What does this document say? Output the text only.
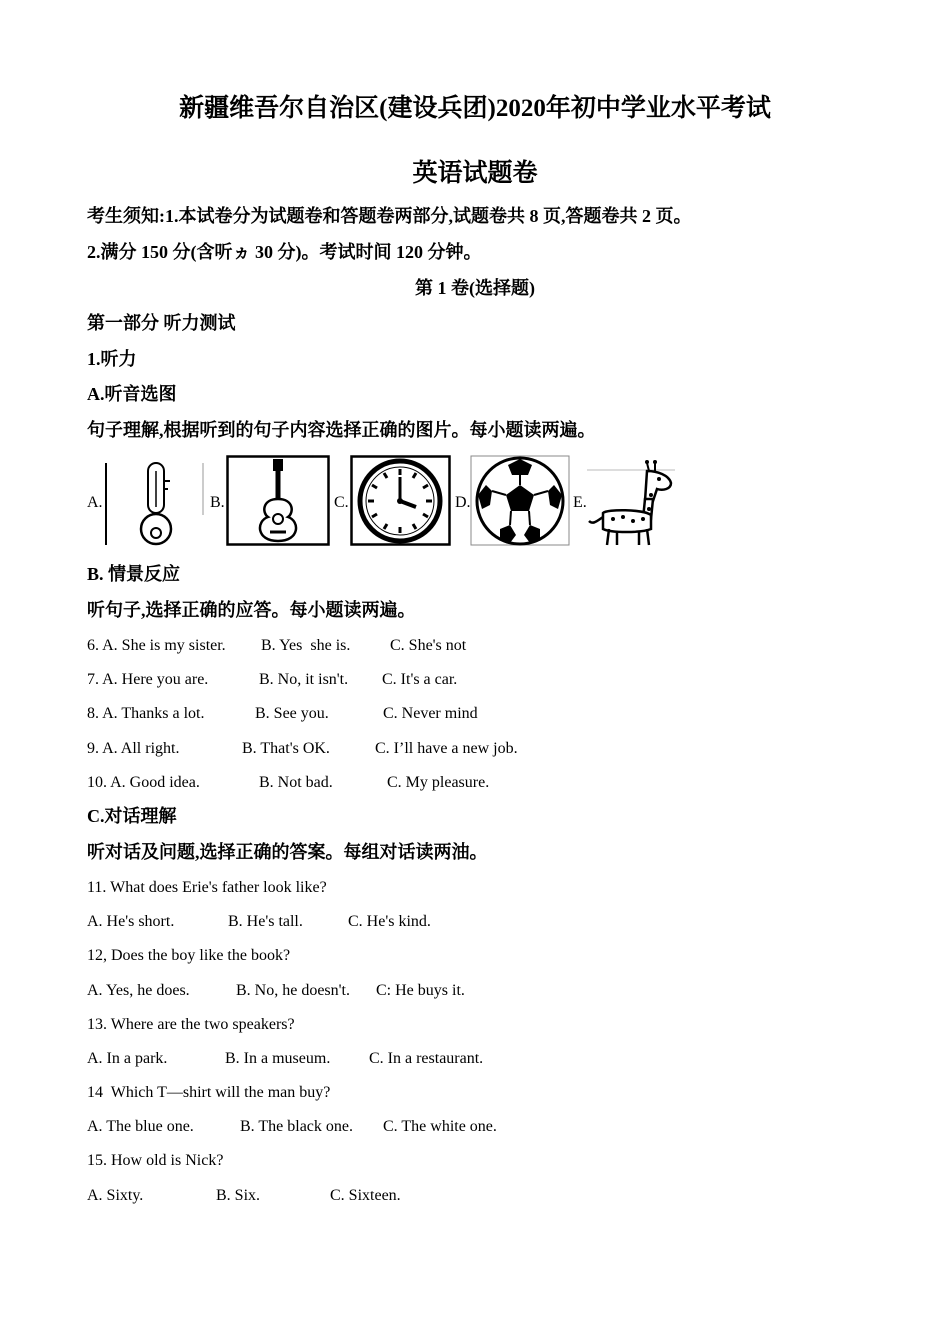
新疆维吾尔自治区(建设兵团)2020年初中学业水平考试
英语试题卷
考生须知:1.本试卷分为试题卷和答题卷两部分,试题卷共 8 页,答题卷共 2 页。
2.满分 150 分(含听ヵ 30 分)。考试时间 120 分钟。
第 1 卷(选择题)
第一部分 听力测试
1.听力
A.听音选图
句子理解,根据听到的句子内容选择正确的图片。每小题读两遍。
A.	B.	C.	D.	E.
B. 情景反应
听句子,选择正确的应答。每小题读两遍。
6. A. She is my sister. B. Yes  she is. C. She's not
7. A. Here you are.	B. No, it isn't. C. It's a car.
8. A. Thanks a lot.	B. See you.	C. Never mind
9. A. All right.	B. That's OK.	C. I’ll have a new job.
10. A. Good idea.	B. Not bad.	C. My pleasure.
C.对话理解
听对话及问题,选择正确的答案。每组对话读两油。
11. What does Erie's father look like?
A. He's short.	B. He's tall.	C. He's kind.
12, Does the boy like the book?
A. Yes, he does.	B. No, he doesn't. C: He buys it.
13. Where are the two speakers?
A. In a park.	B. In a museum. C. In a restaurant.
14  Which T—shirt will the man buy?
A. The blue one.	B. The black one. C. The white one.
15. How old is Nick?
A. Sixty.	B. Six.	C. Sixteen.
